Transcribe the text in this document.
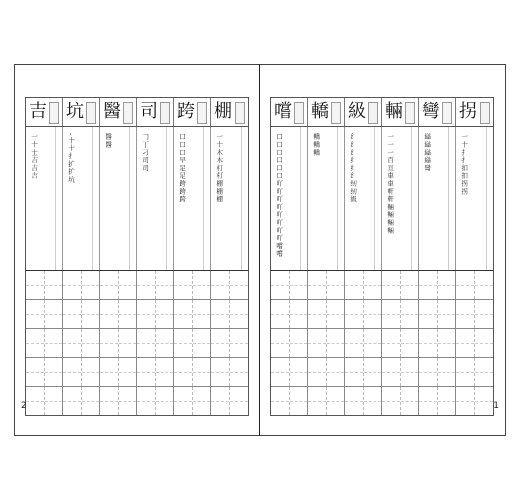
吉 坑 醫 司 跨 棚
一十士吉吉吉	-十十扌扩扩坑	醫醫	𠃌丁刁司司	口口口早足足跨跨跨	一十木木朾朾棚棚棚
2
嚐 轎 級 輛 彎 拐
口口口口口口吖吖吖吖吖吖吖吖嚐嚐	轎轎轎	纟纟纟纟纟纟纫纫級	一一一百亘車車軒軒輛輛輛輛	䜌䜌䜌䜌彎	一十扌扌扣扣拐拐
1
